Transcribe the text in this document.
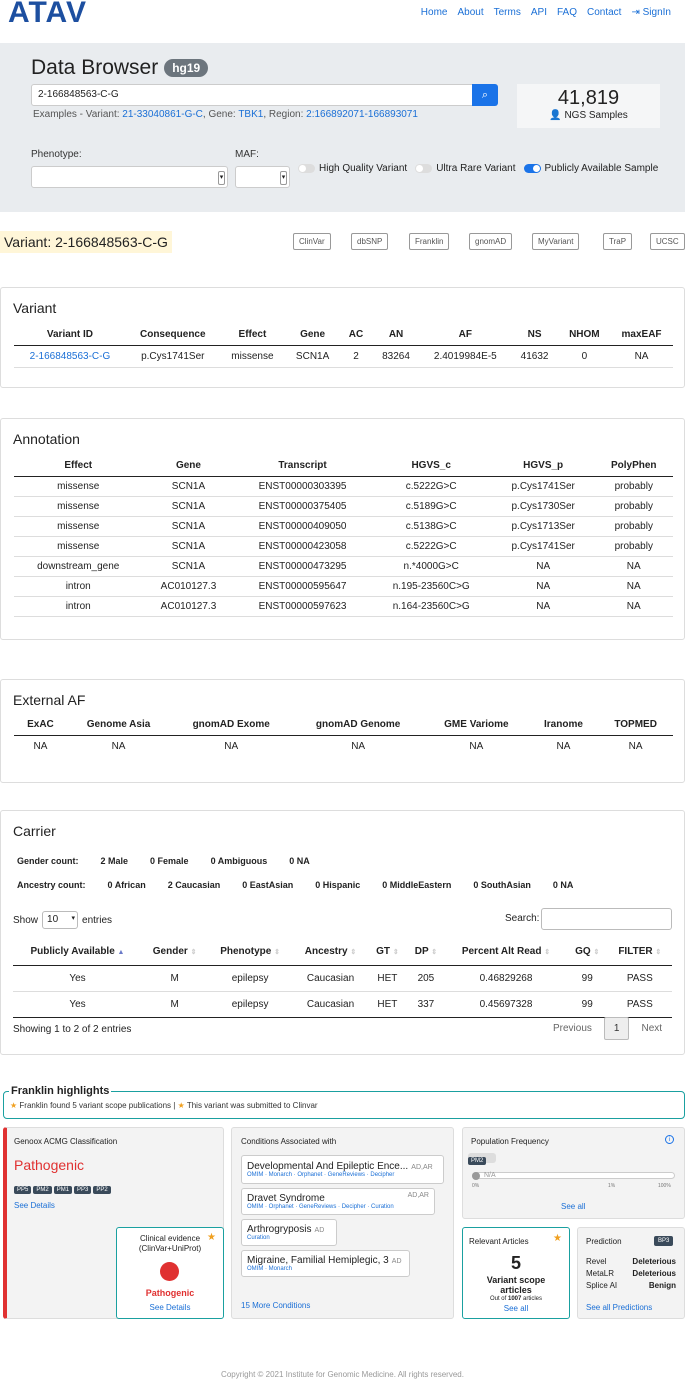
ATAV	Home About Terms API FAQ Contact ⇥ SignIn
Data Browser	hg19
2-166848563-C-G	⌕
Examples - Variant: 21-33040861-G-C, Gene: TBK1, Region: 2:166892071-166893071
41,819
👤 NGS Samples
Phenotype:
▾
MAF:
▾
High Quality Variant	Ultra Rare Variant	Publicly Available Sample
Variant: 2-166848563-C-G	ClinVar	dbSNP	Franklin	gnomAD	MyVariant	TraP	UCSC
Variant
Variant ID	Consequence	Effect	Gene	AC	AN	AF	NS	NHOM	maxEAF
2-166848563-C-G	p.Cys1741Ser	missense	SCN1A	2	83264	2.4019984E-5	41632	0	NA
Annotation
Effect	Gene	Transcript	HGVS_c	HGVS_p	PolyPhen
missense	SCN1A	ENST00000303395	c.5222G>C	p.Cys1741Ser	probably
missense	SCN1A	ENST00000375405	c.5189G>C	p.Cys1730Ser	probably
missense	SCN1A	ENST00000409050	c.5138G>C	p.Cys1713Ser	probably
missense	SCN1A	ENST00000423058	c.5222G>C	p.Cys1741Ser	probably
downstream_gene	SCN1A	ENST00000473295	n.*4000G>C	NA	NA
intron	AC010127.3	ENST00000595647	n.195-23560C>G	NA	NA
intron	AC010127.3	ENST00000597623	n.164-23560C>G	NA	NA
External AF
ExAC	Genome Asia	gnomAD Exome	gnomAD Genome	GME Variome	Iranome	TOPMED
NA	NA	NA	NA	NA	NA	NA
Carrier
Gender count: 2 Male 0 Female 0 Ambiguous 0 NA
Ancestry count: 0 African 2 Caucasian 0 EastAsian 0 Hispanic 0 MiddleEastern 0 SouthAsian 0 NA
Show 10 ▾ entries	Search:
Publicly Available ▲	Gender ⇕	Phenotype ⇕	Ancestry ⇕	GT ⇕	DP ⇕	Percent Alt Read ⇕	GQ ⇕	FILTER ⇕
Yes	M	epilepsy	Caucasian	HET	205	0.46829268	99	PASS
Yes	M	epilepsy	Caucasian	HET	337	0.45697328	99	PASS
Showing 1 to 2 of 2 entries	Previous	1	Next
Franklin highlights
★ Franklin found 5 variant scope publications | ★ This variant was submitted to Clinvar
Genoox ACMG Classification
Pathogenic
PP5 PM2 PM1 PP3 PP2
See Details
Clinical evidence
(ClinVar+UniProt)
★
Pathogenic
See Details
Conditions Associated with
Developmental And Epileptic Ence... AD,AR
OMIM · Monarch · Orphanet · GeneReviews · Decipher
Dravet Syndrome	AD,AR
OMIM · Orphanet · GeneReviews · Decipher · Curation
Arthrogryposis AD
Curation
Migraine, Familial Hemiplegic, 3 AD
OMIM · Monarch
15 More Conditions
Population Frequency	i
PM2
N/A
0%	1%	100%
See all
Relevant Articles ★
5
Variant scope articles
Out of 1007 articles
See all
Prediction	BP3
Revel	Deleterious
MetaLR Deleterious
Splice AI	Benign
See all Predictions
Copyright © 2021 Institute for Genomic Medicine. All rights reserved.
